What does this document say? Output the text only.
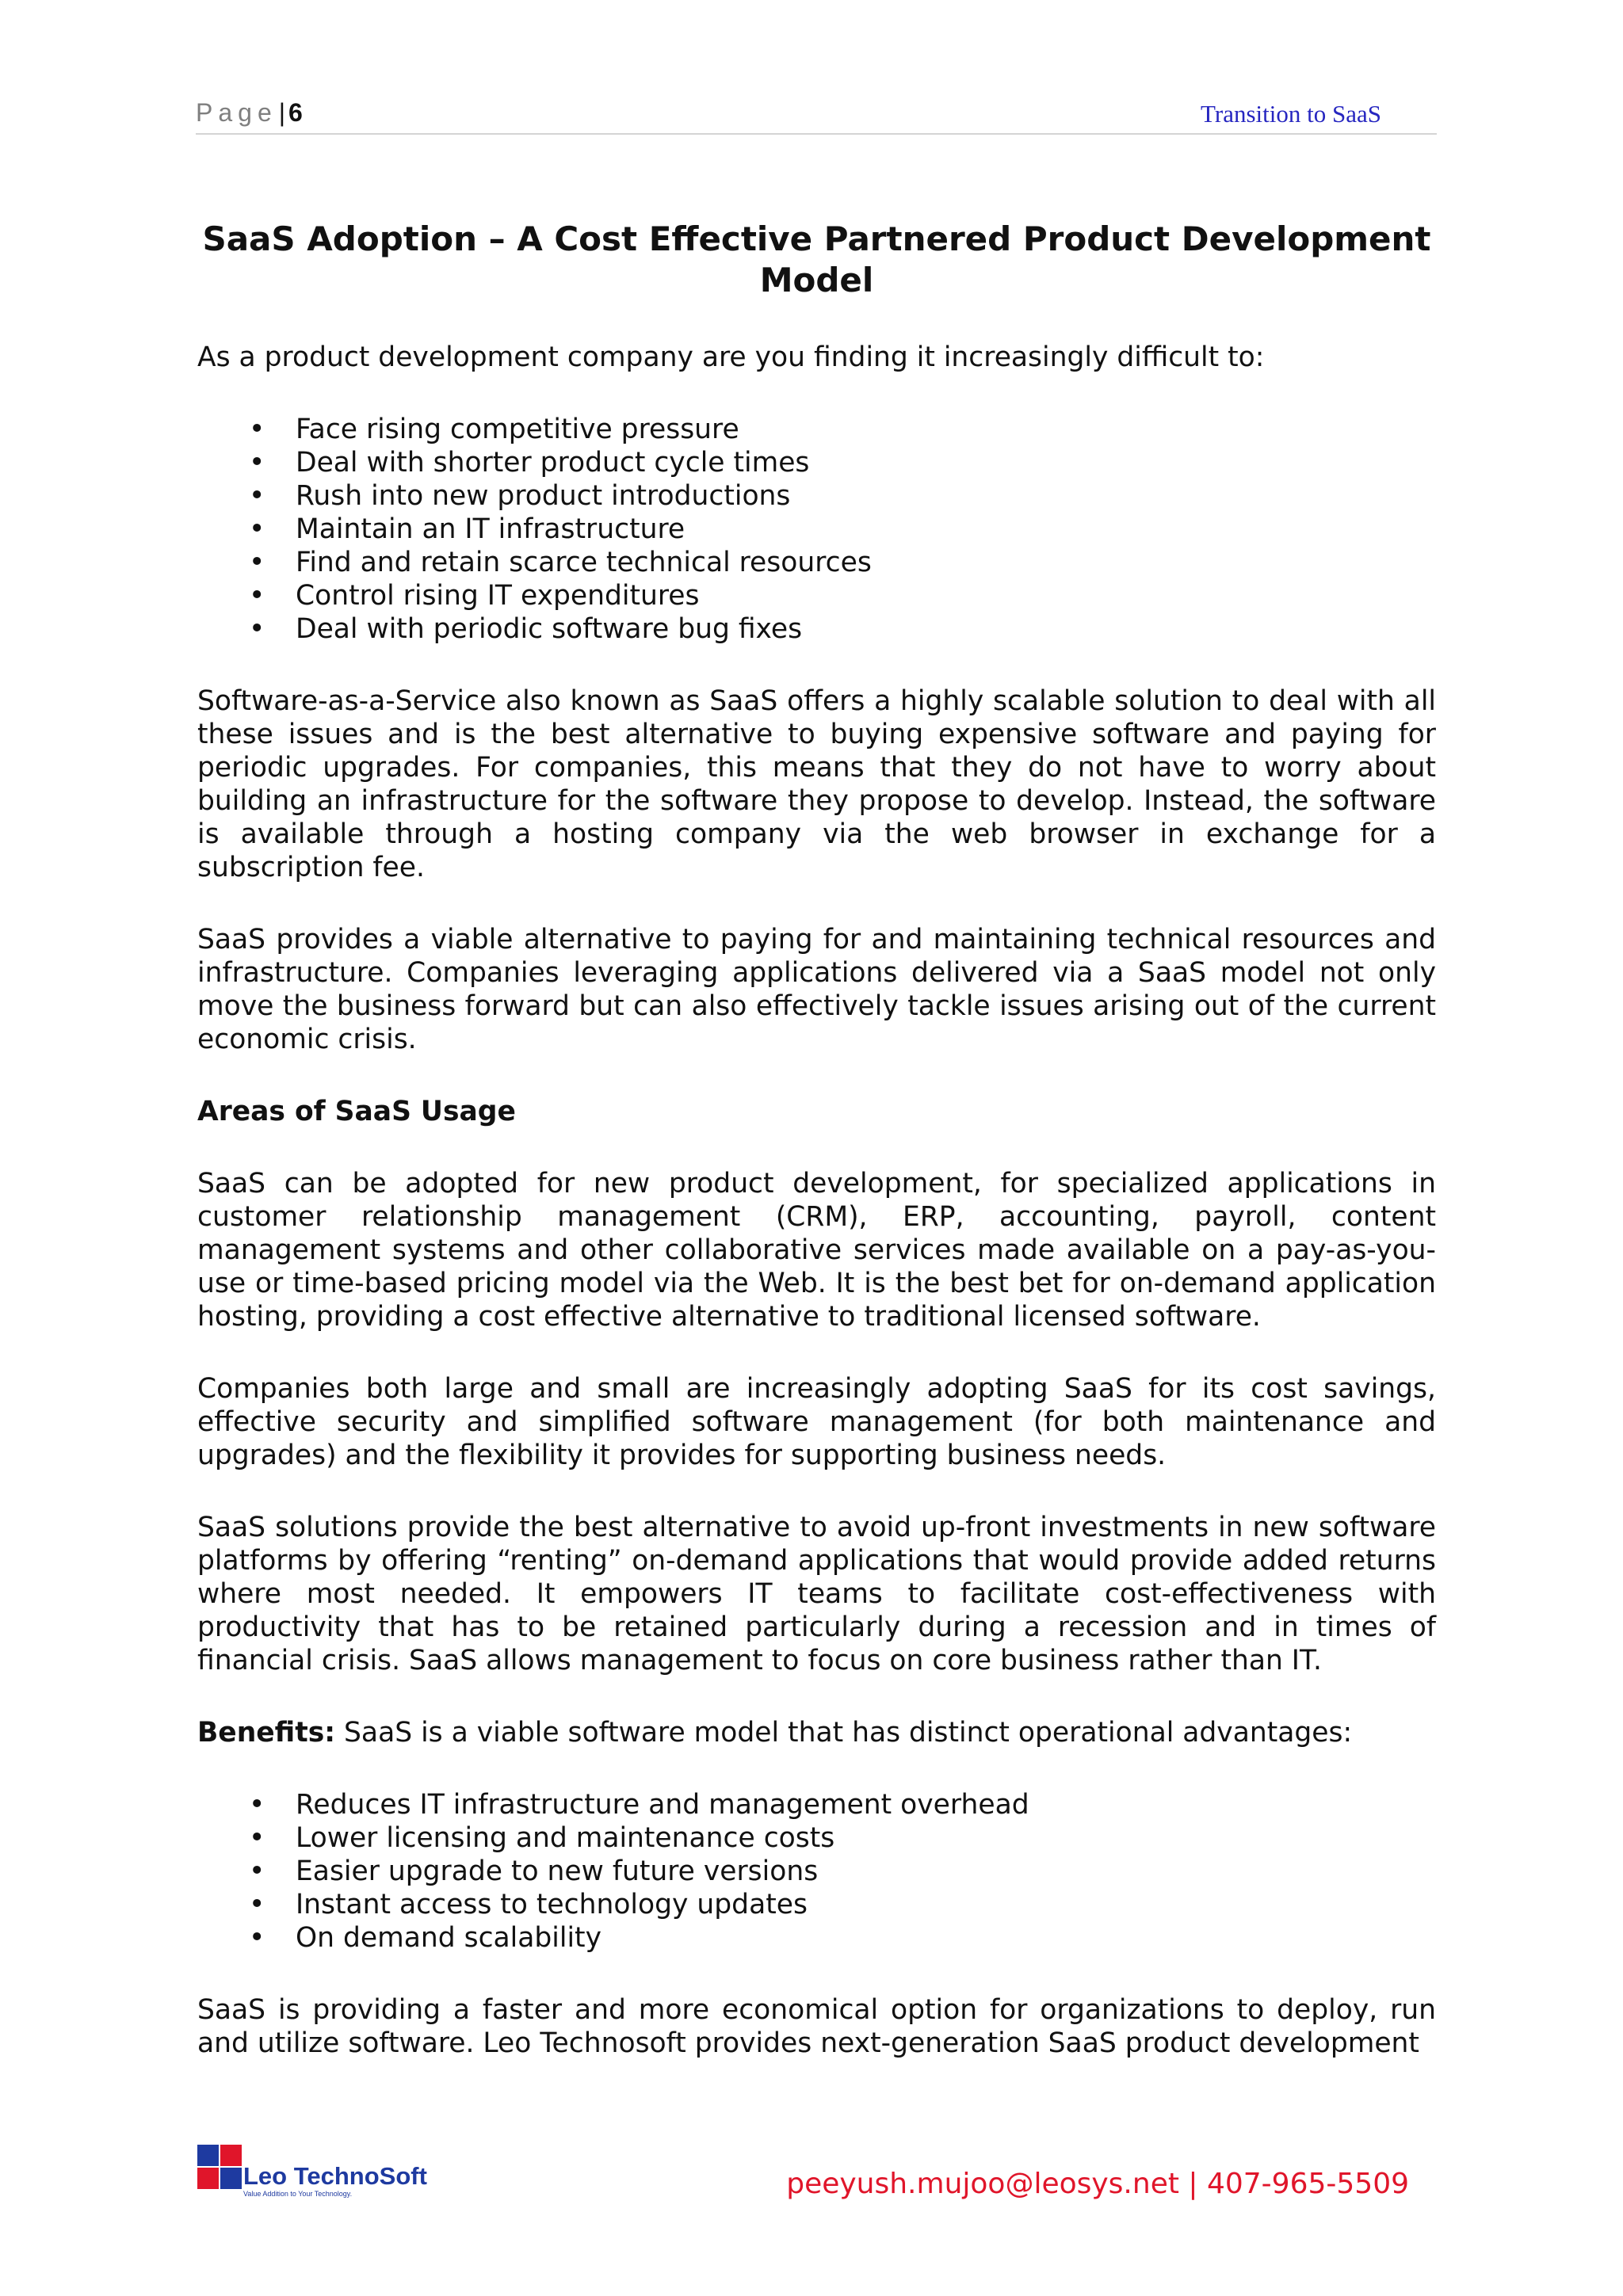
Page| 6	Transition to SaaS
SaaS Adoption – A Cost Effective Partnered Product Development Model

As a product development company are you finding it increasingly difficult to:

• Face rising competitive pressure
• Deal with shorter product cycle times
• Rush into new product introductions
• Maintain an IT infrastructure
• Find and retain scarce technical resources
• Control rising IT expenditures
• Deal with periodic software bug fixes

Software-as-a-Service also known as SaaS offers a highly scalable solution to deal with all these issues and is the best alternative to buying expensive software and paying for periodic upgrades. For companies, this means that they do not have to worry about building an infrastructure for the software they propose to develop. Instead, the software is available through a hosting company via the web browser in exchange for a subscription fee.

SaaS provides a viable alternative to paying for and maintaining technical resources and infrastructure. Companies leveraging applications delivered via a SaaS model not only move the business forward but can also effectively tackle issues arising out of the current economic crisis.

Areas of SaaS Usage

SaaS can be adopted for new product development, for specialized applications in customer relationship management (CRM), ERP, accounting, payroll, content management systems and other collaborative services made available on a pay-as-you-use or time-based pricing model via the Web. It is the best bet for on-demand application hosting, providing a cost effective alternative to traditional licensed software.

Companies both large and small are increasingly adopting SaaS for its cost savings, effective security and simplified software management (for both maintenance and upgrades) and the flexibility it provides for supporting business needs.

SaaS solutions provide the best alternative to avoid up-front investments in new software platforms by offering “renting” on-demand applications that would provide added returns where most needed. It empowers IT teams to facilitate cost-effectiveness with productivity that has to be retained particularly during a recession and in times of financial crisis. SaaS allows management to focus on core business rather than IT.

Benefits: SaaS is a viable software model that has distinct operational advantages:

• Reduces IT infrastructure and management overhead
• Lower licensing and maintenance costs
• Easier upgrade to new future versions
• Instant access to technology updates
• On demand scalability

SaaS is providing a faster and more economical option for organizations to deploy, run and utilize software. Leo Technosoft provides next-generation SaaS product development

Leo TechnoSoft
Value Addition to Your Technology.	peeyush.mujoo@leosys.net | 407-965-5509
